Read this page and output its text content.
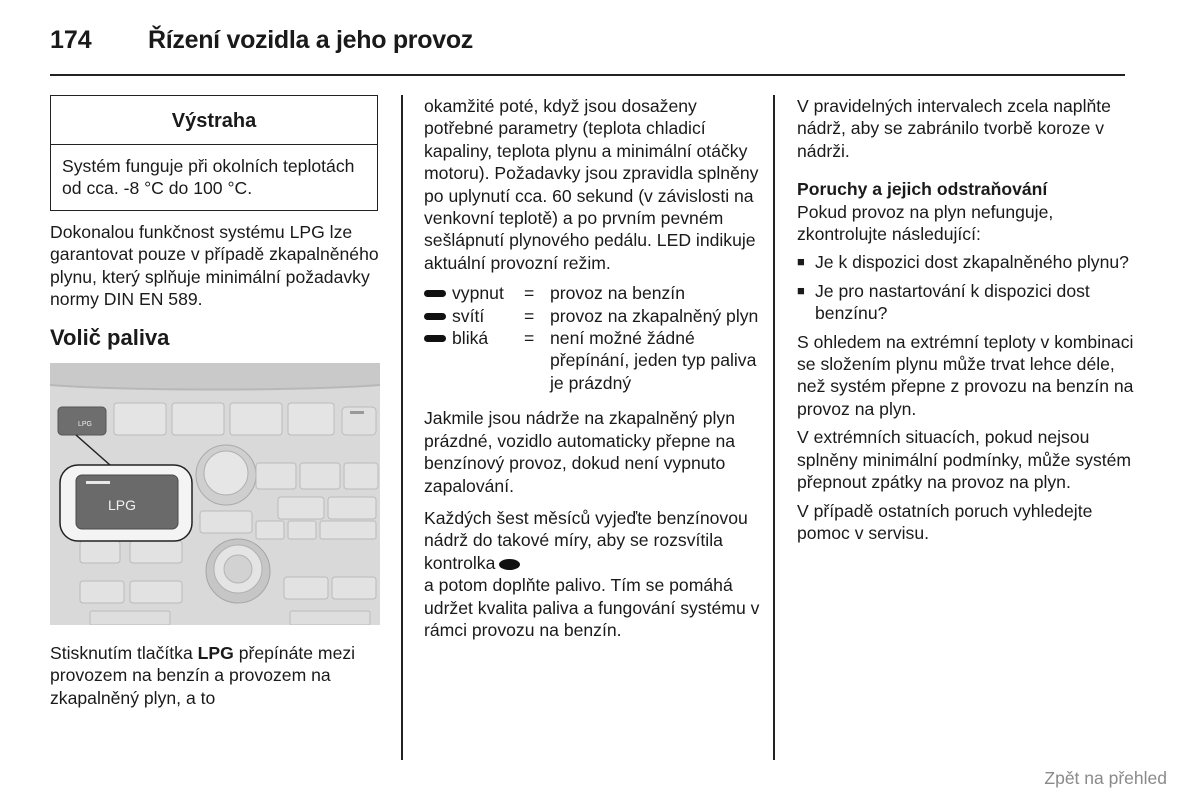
174 Řízení vozidla a jeho provoz
Výstraha
Systém funguje při okolních teplotách od cca. -8 °C do 100 °C.

Dokonalou funkčnost systému LPG lze garantovat pouze v případě zkapalněného plynu, který splňuje minimální požadavky normy DIN EN 589.

Volič paliva

LPG
LPG

Stisknutím tlačítka LPG přepínáte mezi provozem na benzín a provozem na zkapalněný plyn, a to

okamžité poté, když jsou dosaženy potřebné parametry (teplota chladicí kapaliny, teplota plynu a minimální otáčky motoru). Požadavky jsou zpravidla splněny po uplynutí cca. 60 sekund (v závislosti na venkovní teplotě) a po prvním pevném sešlápnutí plynového pedálu. LED indikuje aktuální provozní režim.

vypnut = provoz na benzín
svítí = provoz na zkapalněný plyn
bliká = není možné žádné přepínání, jeden typ paliva je prázdný

Jakmile jsou nádrže na zkapalněný plyn prázdné, vozidlo automaticky přepne na benzínový provoz, dokud není vypnuto zapalování.

Každých šest měsíců vyjeďte benzínovou nádrž do takové míry, aby se rozsvítila kontrolka
a potom doplňte palivo. Tím se pomáhá udržet kvalita paliva a fungování systému v rámci provozu na benzín.

V pravidelných intervalech zcela naplňte nádrž, aby se zabránilo tvorbě koroze v nádrži.

Poruchy a jejich odstraňování

Pokud provoz na plyn nefunguje, zkontrolujte následující:

■ Je k dispozici dost zkapalněného plynu?
■ Je pro nastartování k dispozici dost benzínu?

S ohledem na extrémní teploty v kombinaci se složením plynu může trvat lehce déle, než systém přepne z provozu na benzín na provoz na plyn.

V extrémních situacích, pokud nejsou splněny minimální podmínky, může systém přepnout zpátky na provoz na plyn.

V případě ostatních poruch vyhledejte pomoc v servisu.

Zpět na přehled
